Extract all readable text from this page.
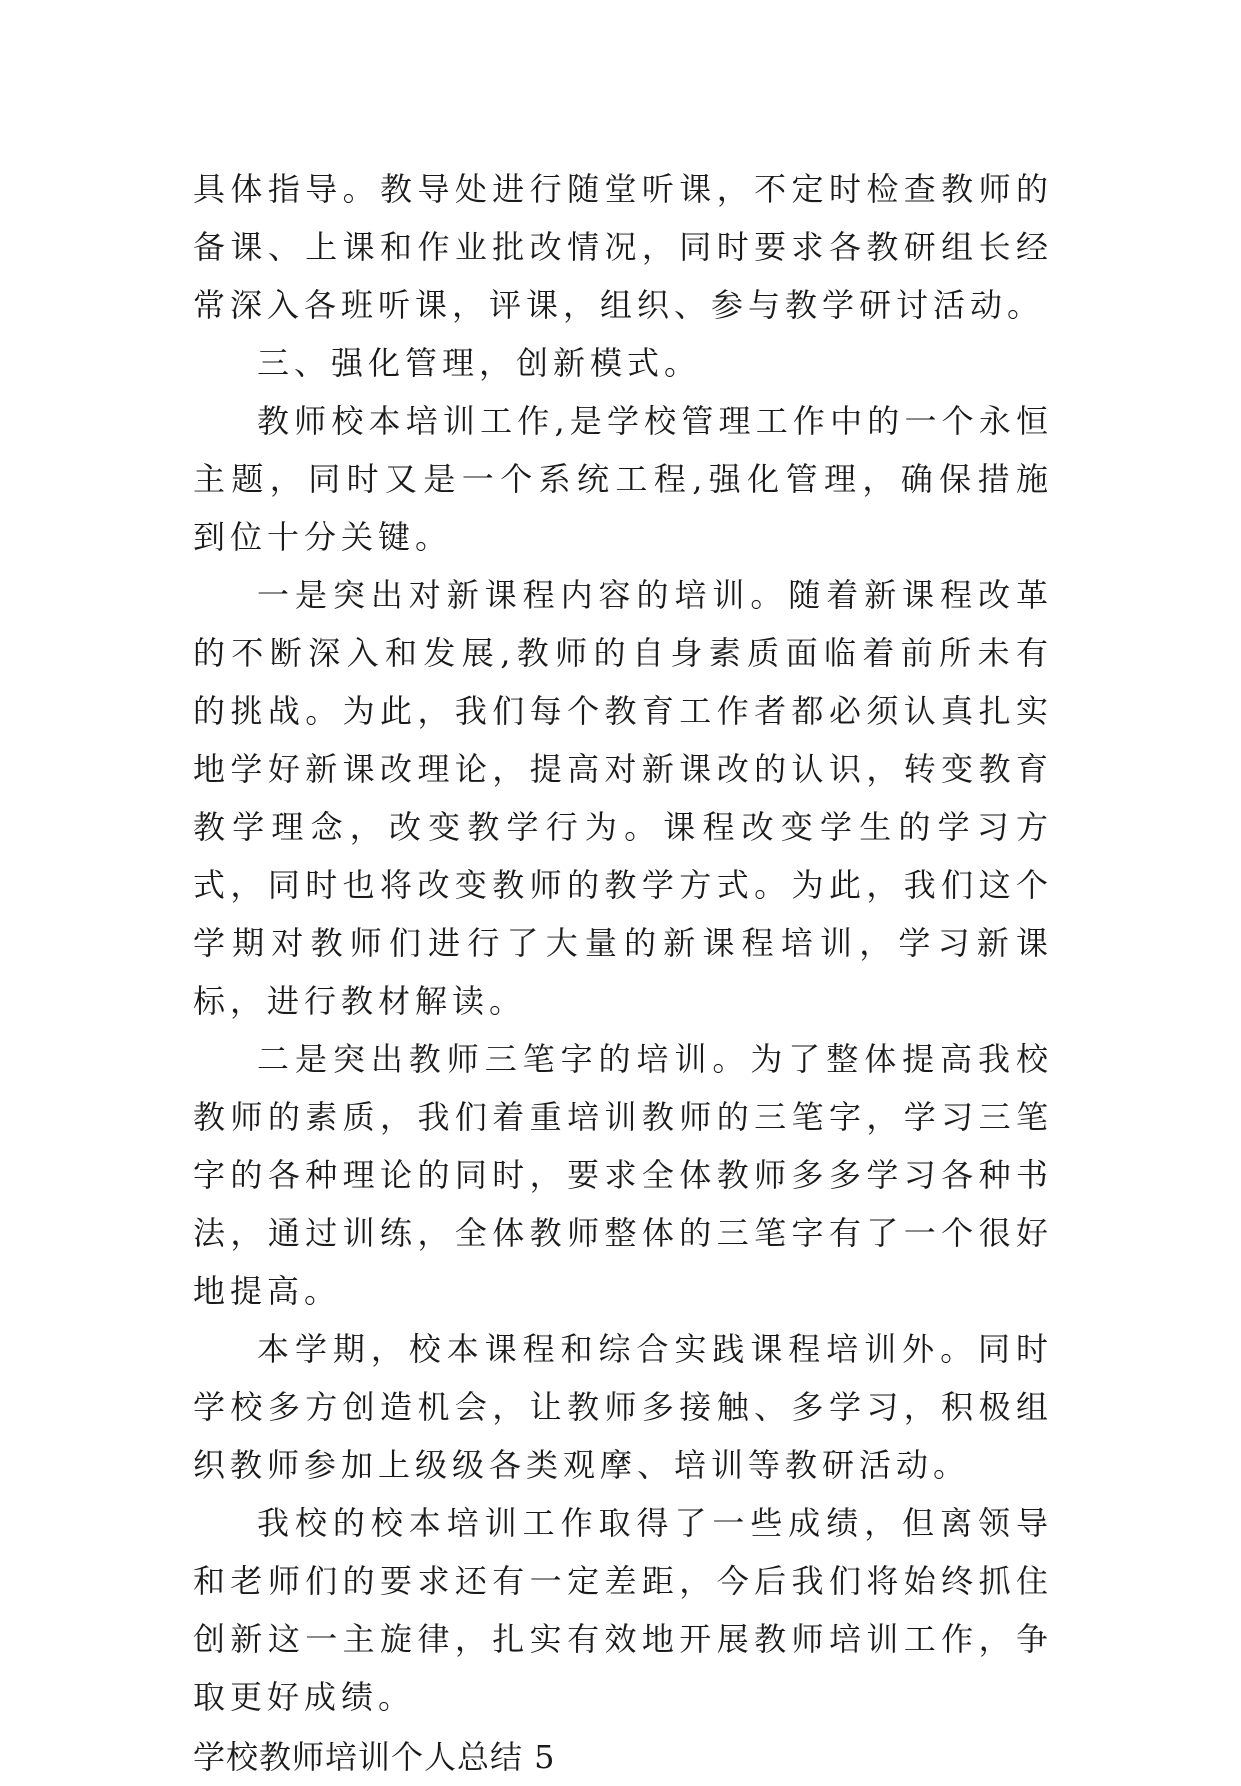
具体指导。教导处进行随堂听课，不定时检查教师的备课、上课和作业批改情况，同时要求各教研组长经常深入各班听课，评课，组织、参与教学研讨活动。

三、强化管理，创新模式。

教师校本培训工作,是学校管理工作中的一个永恒主题，同时又是一个系统工程,强化管理，确保措施到位十分关键。

一是突出对新课程内容的培训。随着新课程改革的不断深入和发展,教师的自身素质面临着前所未有的挑战。为此，我们每个教育工作者都必须认真扎实地学好新课改理论，提高对新课改的认识，转变教育教学理念，改变教学行为。课程改变学生的学习方式，同时也将改变教师的教学方式。为此，我们这个学期对教师们进行了大量的新课程培训，学习新课标，进行教材解读。

二是突出教师三笔字的培训。为了整体提高我校教师的素质，我们着重培训教师的三笔字，学习三笔字的各种理论的同时，要求全体教师多多学习各种书法，通过训练，全体教师整体的三笔字有了一个很好地提高。

本学期，校本课程和综合实践课程培训外。同时学校多方创造机会，让教师多接触、多学习，积极组织教师参加上级级各类观摩、培训等教研活动。

我校的校本培训工作取得了一些成绩，但离领导和老师们的要求还有一定差距，今后我们将始终抓住创新这一主旋律，扎实有效地开展教师培训工作，争取更好成绩。

学校教师培训个人总结 5
